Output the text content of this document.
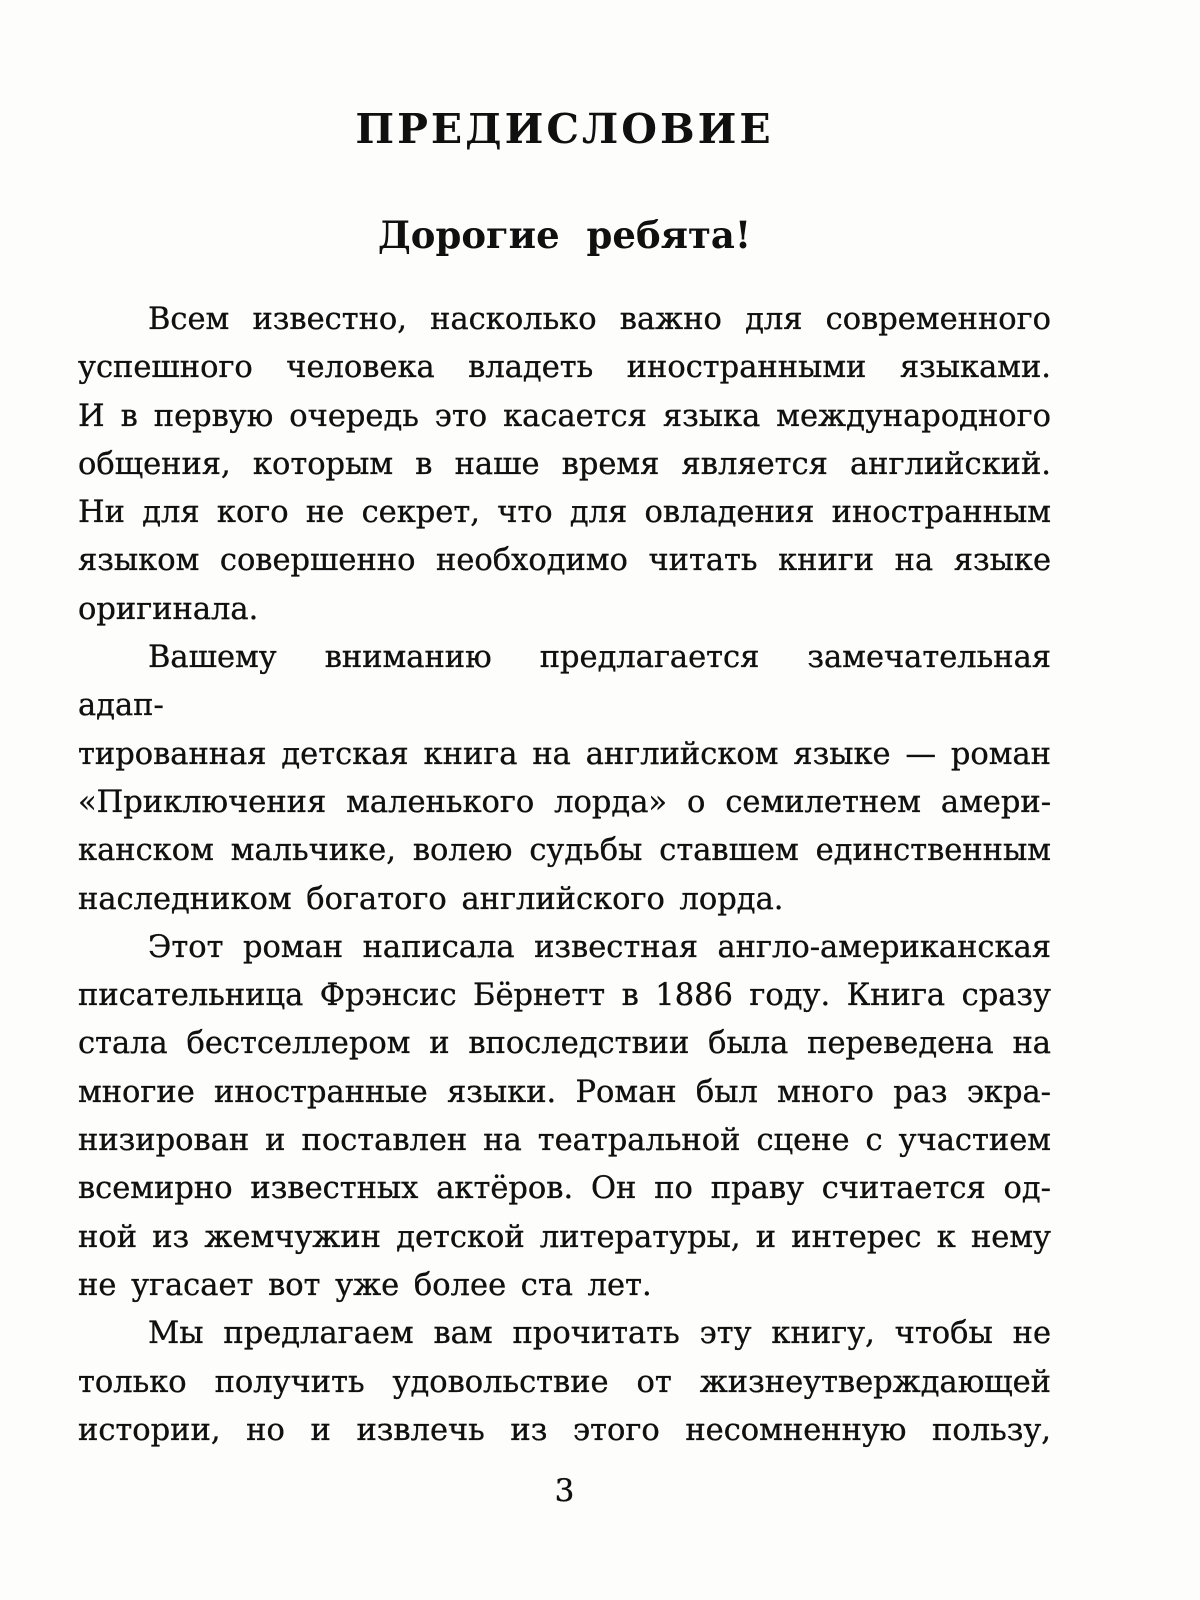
ПРЕДИСЛОВИЕ
Дорогие ребята!
Всем известно, насколько важно для современного
успешного человека владеть иностранными языками.
И в первую очередь это касается языка международного
общения, которым в наше время является английский.
Ни для кого не секрет, что для овладения иностранным
языком совершенно необходимо читать книги на языке
оригинала.
Вашему вниманию предлагается замечательная адап-
тированная детская книга на английском языке — роман
«Приключения маленького лорда» о семилетнем амери-
канском мальчике, волею судьбы ставшем единственным
наследником богатого английского лорда.
Этот роман написала известная англо-американская
писательница Фрэнсис Бёрнетт в 1886 году. Книга сразу
стала бестселлером и впоследствии была переведена на
многие иностранные языки. Роман был много раз экра-
низирован и поставлен на театральной сцене с участием
всемирно известных актёров. Он по праву считается од-
ной из жемчужин детской литературы, и интерес к нему
не угасает вот уже более ста лет.
Мы предлагаем вам прочитать эту книгу, чтобы не
только получить удовольствие от жизнеутверждающей
истории, но и извлечь из этого несомненную пользу,
3
